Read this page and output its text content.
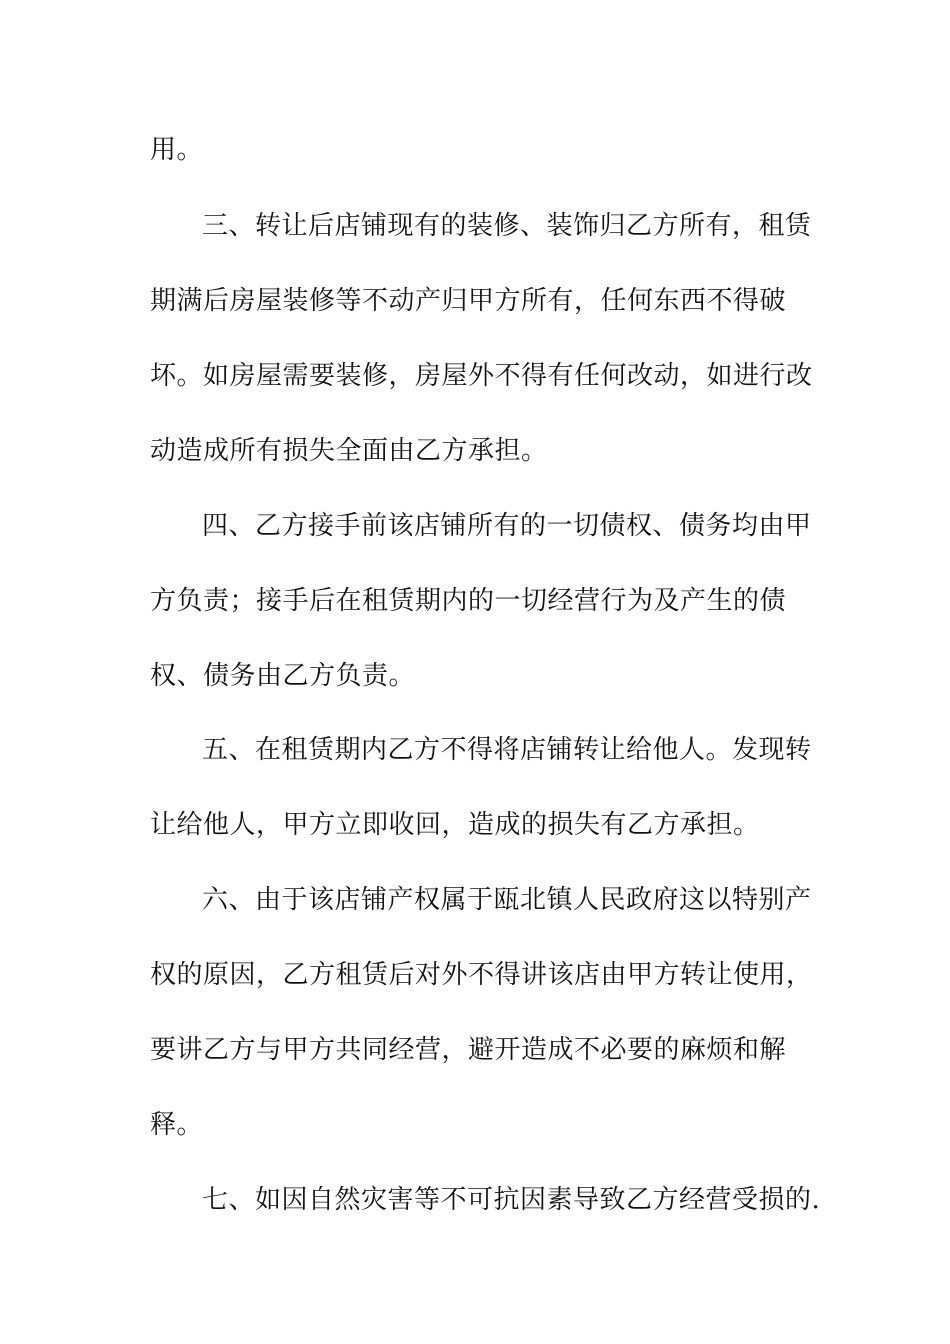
用。
三、转让后店铺现有的装修、装饰归乙方所有，租赁
期满后房屋装修等不动产归甲方所有，任何东西不得破
坏。如房屋需要装修，房屋外不得有任何改动，如进行改
动造成所有损失全面由乙方承担。
四、乙方接手前该店铺所有的一切债权、债务均由甲
方负责；接手后在租赁期内的一切经营行为及产生的债
权、债务由乙方负责。
五、在租赁期内乙方不得将店铺转让给他人。发现转
让给他人，甲方立即收回，造成的损失有乙方承担。
六、由于该店铺产权属于瓯北镇人民政府这以特别产
权的原因，乙方租赁后对外不得讲该店由甲方转让使用，
要讲乙方与甲方共同经营，避开造成不必要的麻烦和解
释。
七、如因自然灾害等不可抗因素导致乙方经营受损的.
